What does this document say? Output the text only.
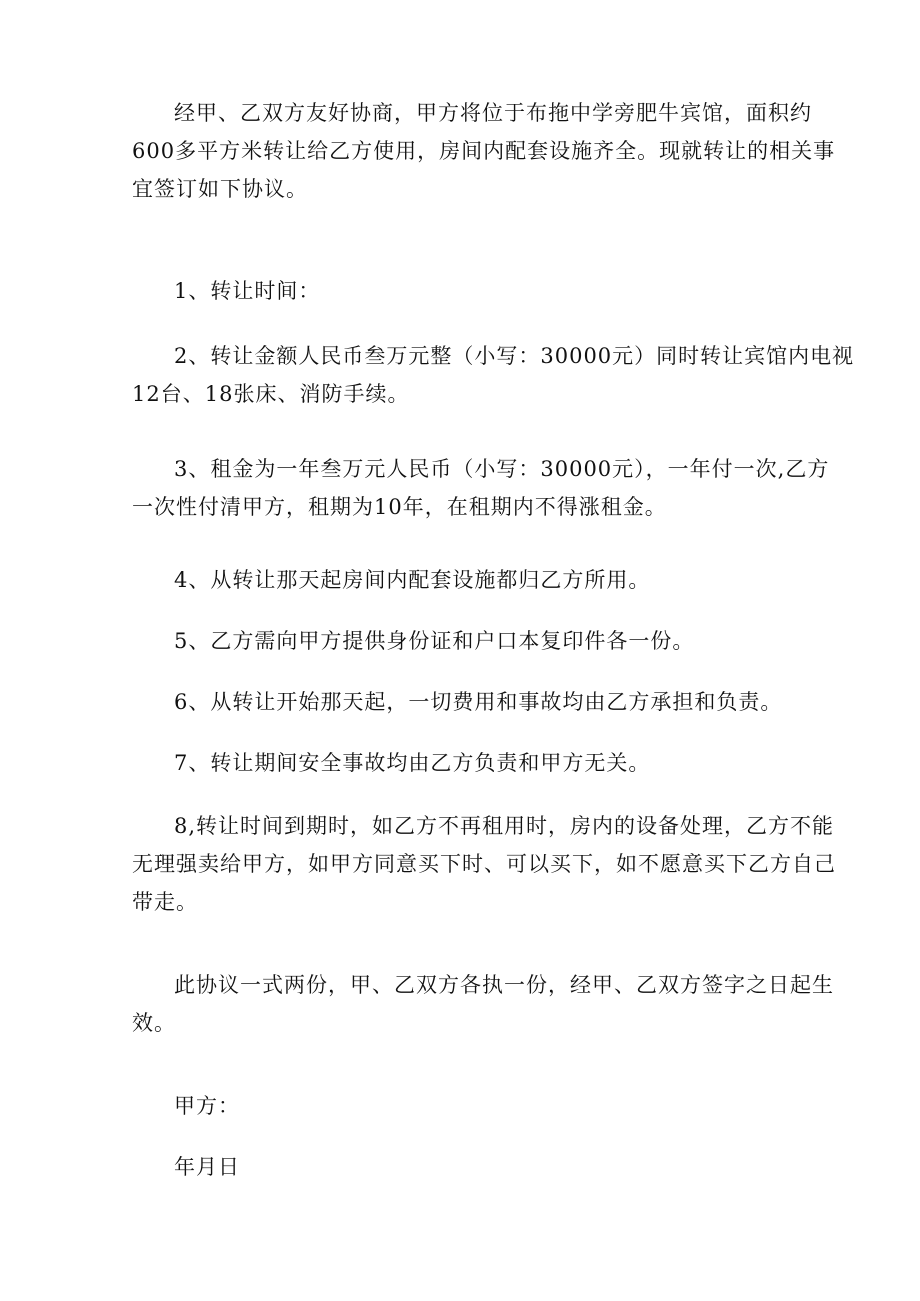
经甲、乙双方友好协商，甲方将位于布拖中学旁肥牛宾馆，面积约
600多平方米转让给乙方使用，房间内配套设施齐全。现就转让的相关事
宜签订如下协议。
1、转让时间：
2、转让金额人民币叁万元整（小写：30000元）同时转让宾馆内电视
12台、18张床、消防手续。
3、租金为一年叁万元人民币（小写：30000元），一年付一次,乙方
一次性付清甲方，租期为10年，在租期内不得涨租金。
4、从转让那天起房间内配套设施都归乙方所用。
5、乙方需向甲方提供身份证和户口本复印件各一份。
6、从转让开始那天起，一切费用和事故均由乙方承担和负责。
7、转让期间安全事故均由乙方负责和甲方无关。
8,转让时间到期时，如乙方不再租用时，房内的设备处理，乙方不能
无理强卖给甲方，如甲方同意买下时、可以买下，如不愿意买下乙方自己
带走。
此协议一式两份，甲、乙双方各执一份，经甲、乙双方签字之日起生
效。
甲方：
年月日
